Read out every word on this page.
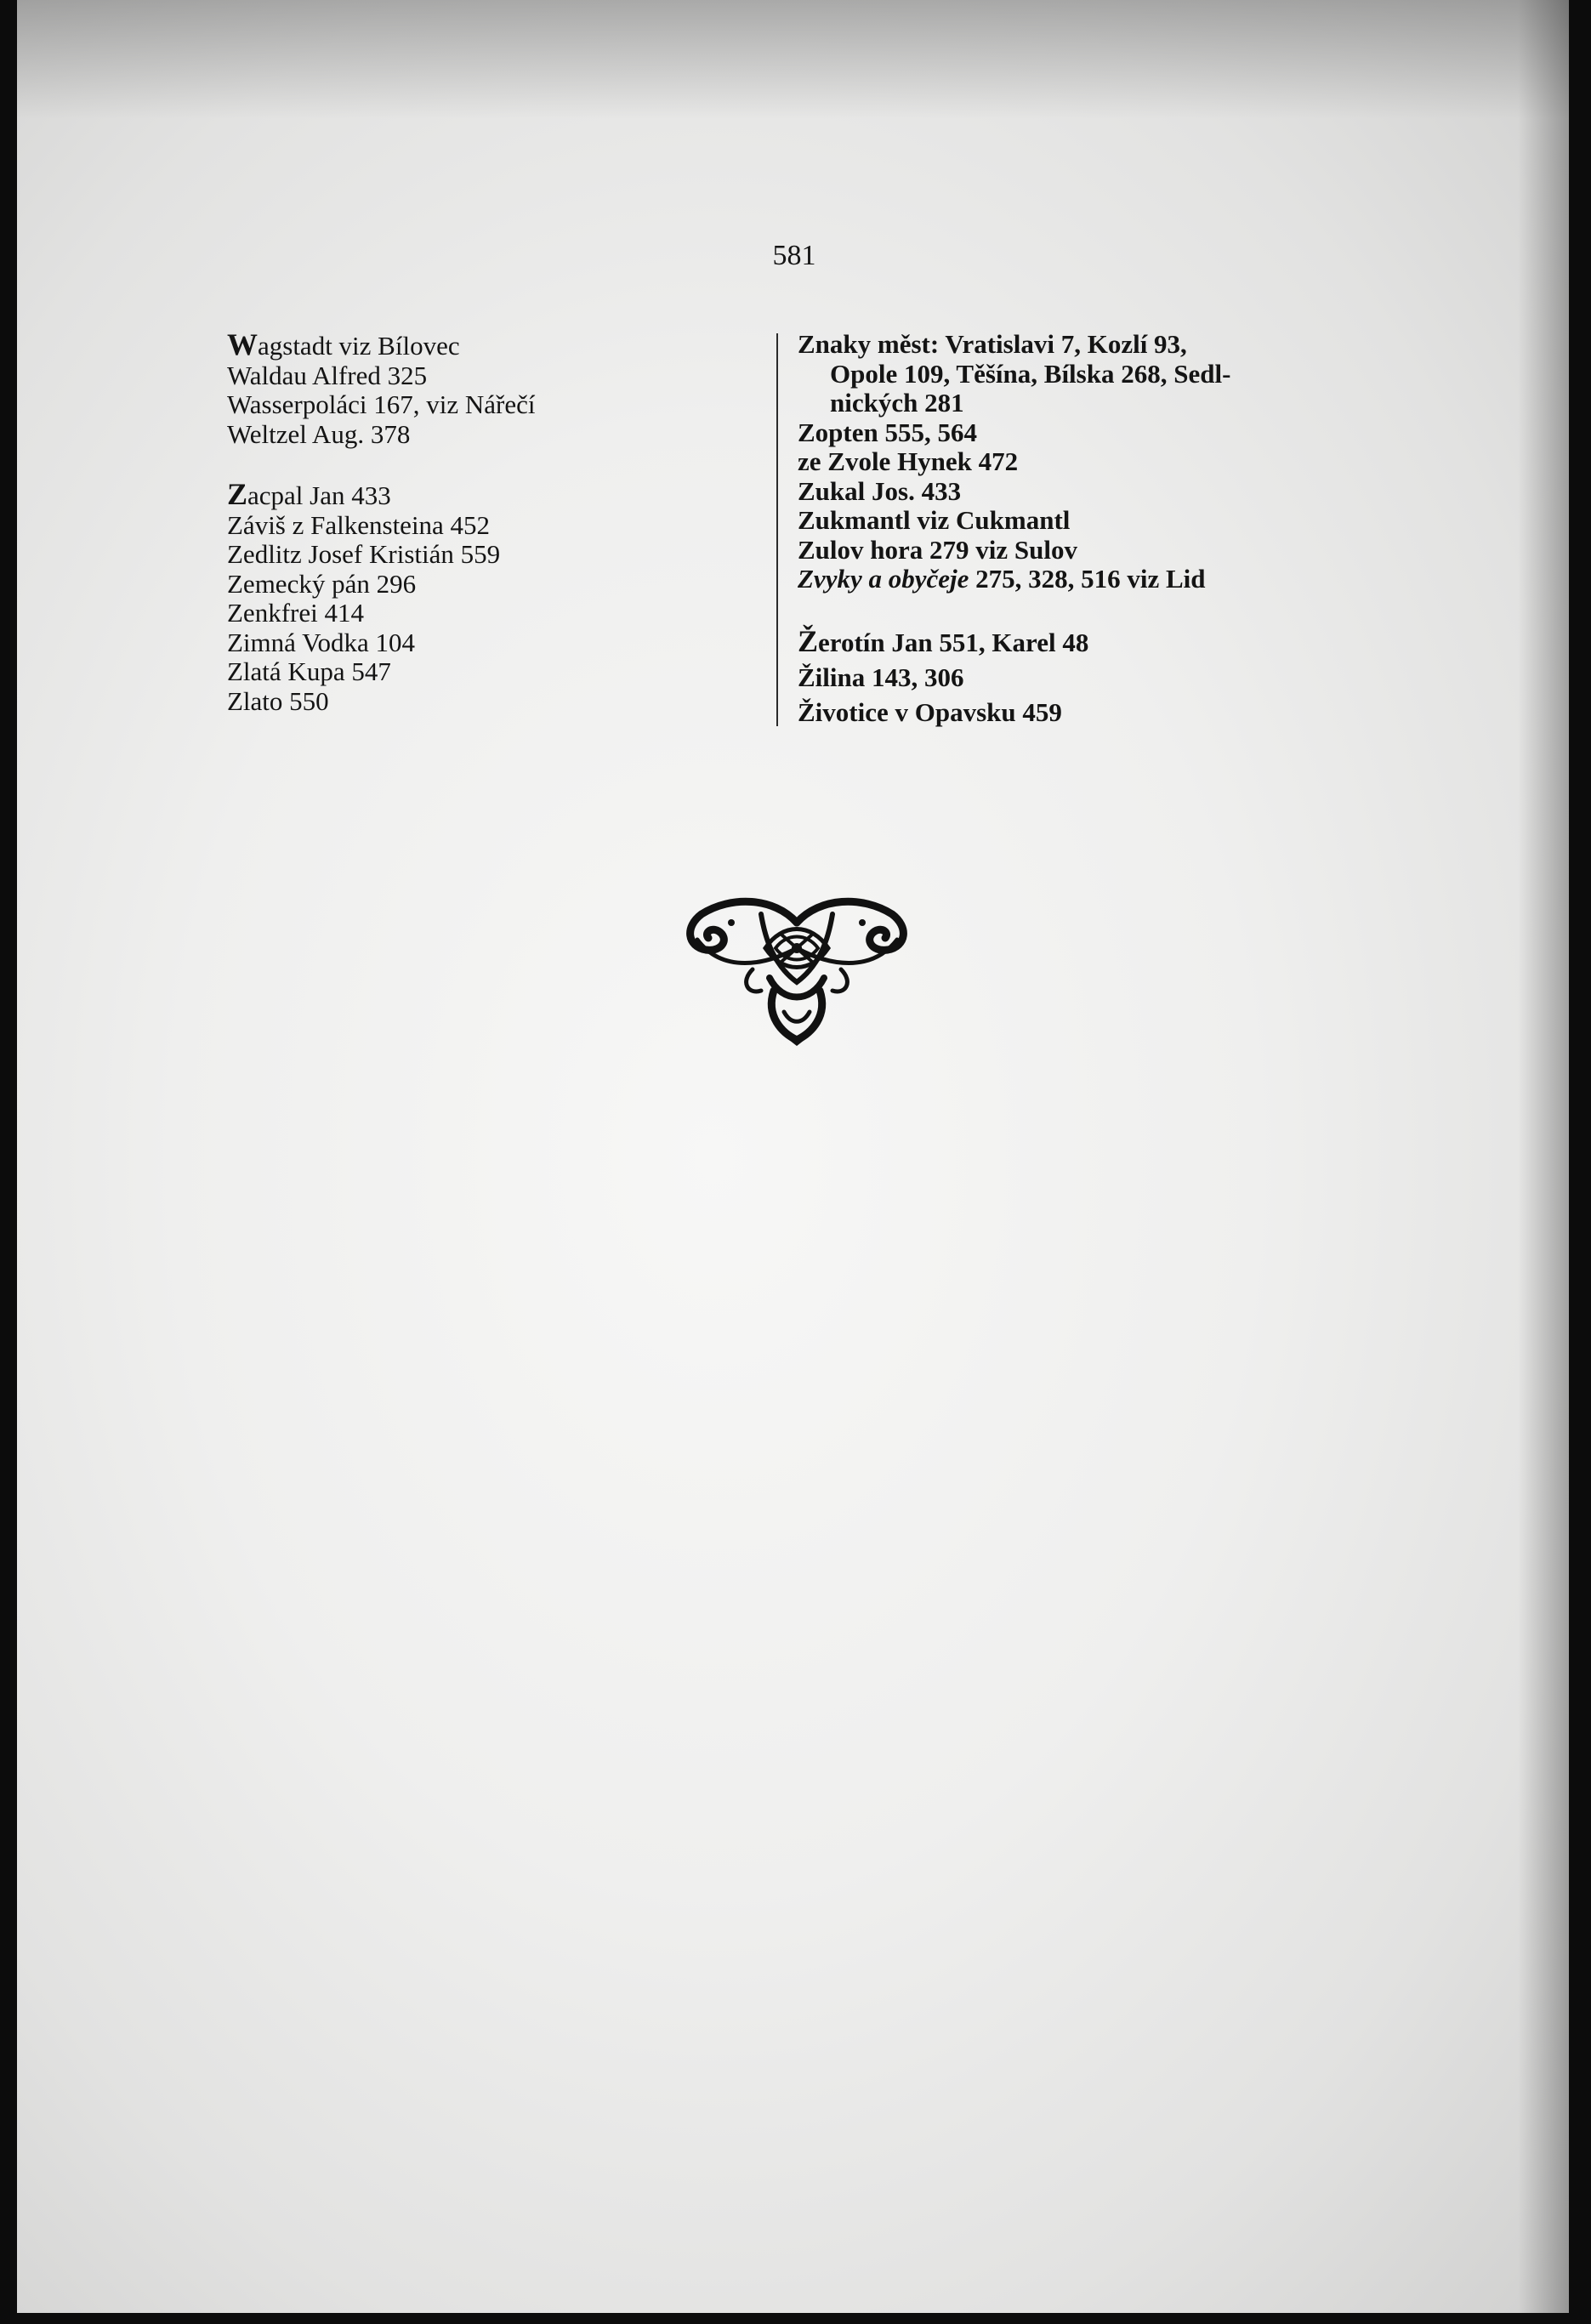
581
Wagstadt viz Bílovec
Waldau Alfred 325
Wasserpoláci 167, viz Nářečí
Weltzel Aug. 378
Zacpal Jan 433
Záviš z Falkensteina 452
Zedlitz Josef Kristián 559
Zemecký pán 296
Zenkfrei 414
Zimná Vodka 104
Zlatá Kupa 547
Zlato 550
Znaky měst: Vratislavi 7, Kozlí 93,
Opole 109, Těšína, Bílska 268, Sedl-
nických 281
Zopten 555, 564
ze Zvole Hynek 472
Zukal Jos. 433
Zukmantl viz Cukmantl
Zulov hora 279 viz Sulov
Zvyky a obyčeje 275, 328, 516 viz Lid
Žerotín Jan 551, Karel 48
Žilina 143, 306
Životice v Opavsku 459
